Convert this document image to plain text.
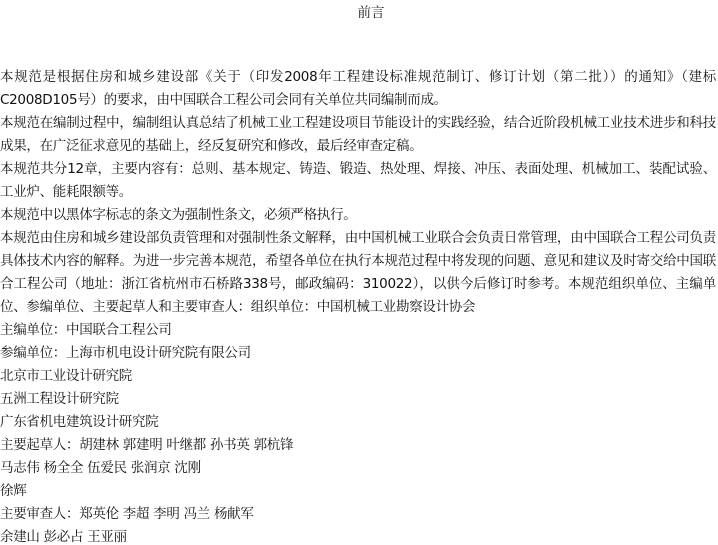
前言

本规范是根据住房和城乡建设部《关于（印发2008年工程建设标准规范制订、修订计划（第二批））的通知》（建标C2008D105号）的要求，由中国联合工程公司会同有关单位共同编制而成。

本规范在编制过程中，编制组认真总结了机械工业工程建设项目节能设计的实践经验，结合近阶段机械工业技术进步和科技成果，在广泛征求意见的基础上，经反复研究和修改，最后经审查定稿。

本规范共分12章，主要内容有：总则、基本规定、铸造、锻造、热处理、焊接、冲压、表面处理、机械加工、装配试验、工业炉、能耗限额等。

本规范中以黑体字标志的条文为强制性条文，必须严格执行。

本规范由住房和城乡建设部负责管理和对强制性条文解释，由中国机械工业联合会负责日常管理，由中国联合工程公司负责具体技术内容的解释。为进一步完善本规范，希望各单位在执行本规范过程中将发现的问题、意见和建议及时寄交给中国联合工程公司（地址：浙江省杭州市石桥路338号，邮政编码：310022），以供今后修订时参考。本规范组织单位、主编单位、参编单位、主要起草人和主要审查人：组织单位：中国机械工业勘察设计协会

主编单位：中国联合工程公司
参编单位：上海市机电设计研究院有限公司
北京市工业设计研究院
五洲工程设计研究院
广东省机电建筑设计研究院
主要起草人：胡建林 郭建明 叶继都 孙书英 郭杭锋
马志伟 杨全全 伍爱民 张润京 沈刚
徐辉
主要审查人：郑英伦 李超 李明 冯兰 杨献军
余建山 彭必占 王亚丽
